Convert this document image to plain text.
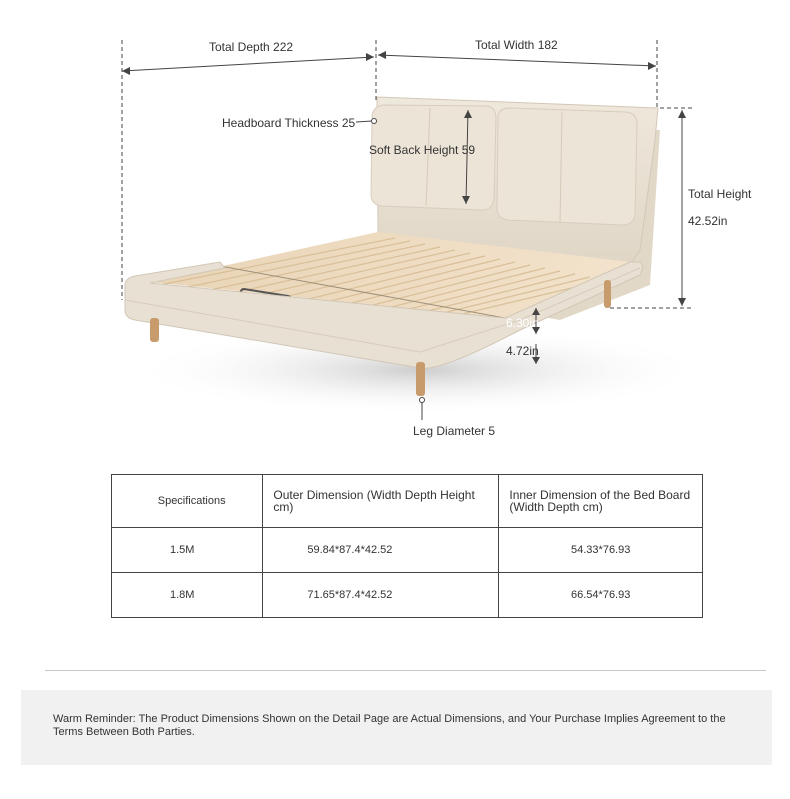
Total Depth 222	Total Width 182
Headboard Thickness 25
Soft Back Height 59
Total Height
42.52in
6.30in
4.72in
Leg Diameter 5
Specifications	Outer Dimension (Width Depth Height cm)	Inner Dimension of the Bed Board (Width Depth cm)
1.5M	59.84*87.4*42.52	54.33*76.93
1.8M	71.65*87.4*42.52	66.54*76.93

Warm Reminder: The Product Dimensions Shown on the Detail Page are Actual Dimensions, and Your Purchase Implies Agreement to the Terms Between Both Parties.
